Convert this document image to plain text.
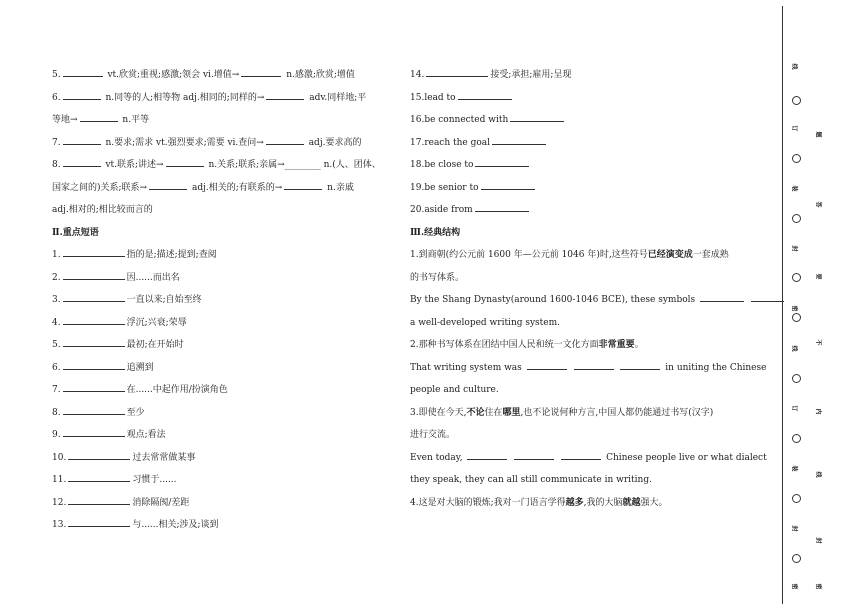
5.	vt.欣赏;重视;感激;领会 vi.增值→	n.感激;欣赏;增值
6.	n.同等的人;相等物 adj.相同的;同样的→	adv.同样地;平
等地→	n.平等
7.	n.要求;需求 vt.强烈要求;需要 vi.查问→	adj.要求高的
8.	vt.联系;讲述→	n.关系;联系;亲属→________ n.(人、团体、
国家之间的)关系;联系→	adj.相关的;有联系的→	n.亲戚
adj.相对的;相比较而言的
Ⅱ.重点短语
1.	指的是;描述;提到;查阅
2.	因......而出名
3.	一直以来;自始至终
4.	浮沉;兴衰;荣辱
5.	最初;在开始时
6.	追溯到
7.	在......中起作用/扮演角色
8.	至少
9.	观点;看法
10.	过去常常做某事
11.	习惯于......
12.	消除隔阂/差距
13.	与......相关;涉及;谈到
14.	接受;承担;雇用;呈现
15.lead to
16.be connected with
17.reach the goal
18.be close to
19.be senior to
20.aside from
Ⅲ.经典结构
1.到商朝(约公元前 1600 年—公元前 1046 年)时,这些符号已经演变成一套成熟
的书写体系。
By the Shang Dynasty(around 1600-1046 BCE), these symbols
a well-developed writing system.
2.那种书写体系在团结中国人民和统一文化方面非常重要。
That writing system was	in uniting the Chinese
people and culture.
3.即使在今天,不论住在哪里,也不论说何种方言,中国人都仍能通过书写(汉字)
进行交流。
Even today,	Chinese people live or what dialect
they speak, they can all still communicate in writing.
4.这是对大脑的锻炼;我对一门语言学得越多,我的大脑就越强大。
线
订
题
装
答
封
要
密
不
线
内
订
线
装
封
封
密	密
